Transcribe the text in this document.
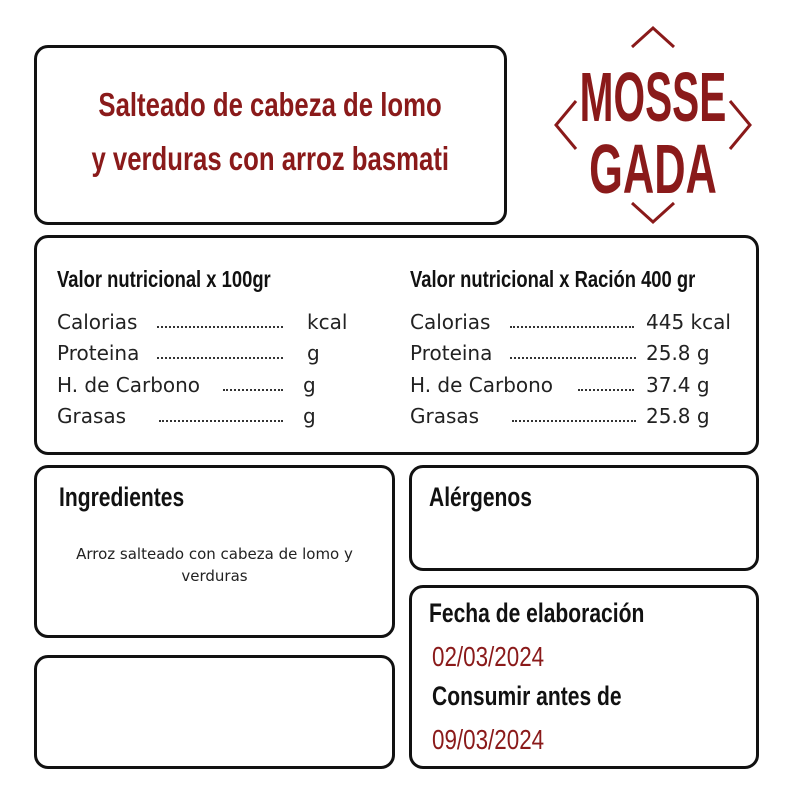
Salteado de cabeza de lomo
y verduras con arroz basmati
MOSSE
GADA
Valor nutricional x 100gr	Valor nutricional x Ración 400 gr
Calorias	kcal
Proteina	g
H. de Carbono	g
Grasas	g
Calorias	445 kcal
Proteina	25.8 g
H. de Carbono	37.4 g
Grasas	25.8 g
Ingredientes
Arroz salteado con cabeza de lomo y verduras
Alérgenos
Fecha de elaboración
02/03/2024
Consumir antes de
09/03/2024
